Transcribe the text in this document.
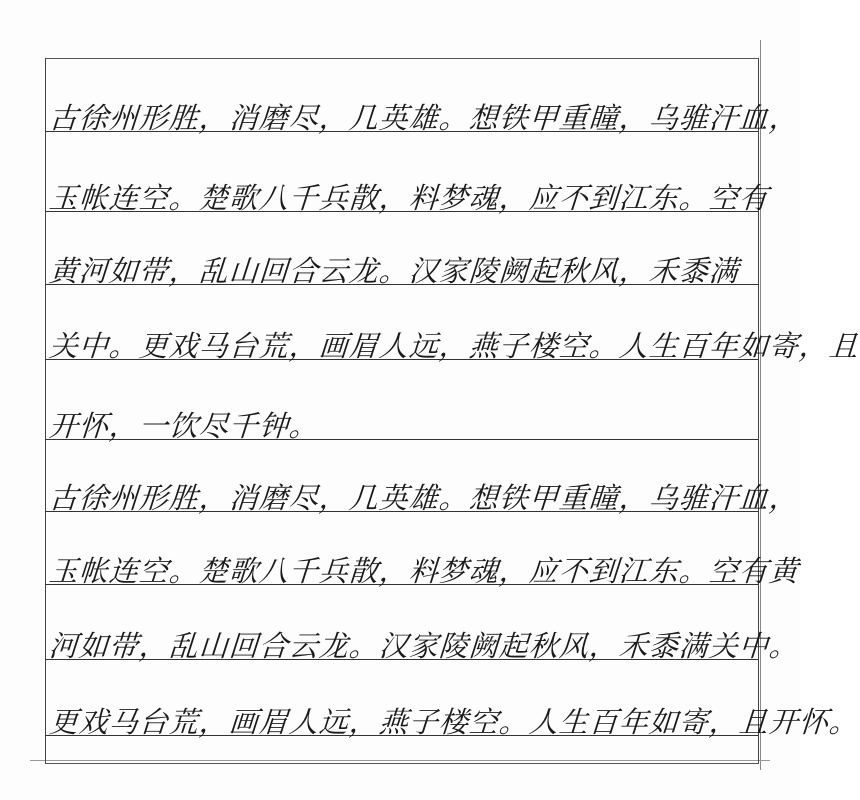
古徐州形胜，消磨尽，几英雄。想铁甲重瞳，乌骓汗血，
玉帐连空。楚歌八千兵散，料梦魂，应不到江东。空有
黄河如带，乱山回合云龙。汉家陵阙起秋风，禾黍满
关中。更戏马台荒，画眉人远，燕子楼空。人生百年如寄，且
开怀，一饮尽千钟。
古徐州形胜，消磨尽，几英雄。想铁甲重瞳，乌骓汗血，
玉帐连空。楚歌八千兵散，料梦魂，应不到江东。空有黄
河如带，乱山回合云龙。汉家陵阙起秋风，禾黍满关中。
更戏马台荒，画眉人远，燕子楼空。人生百年如寄，且开怀。
